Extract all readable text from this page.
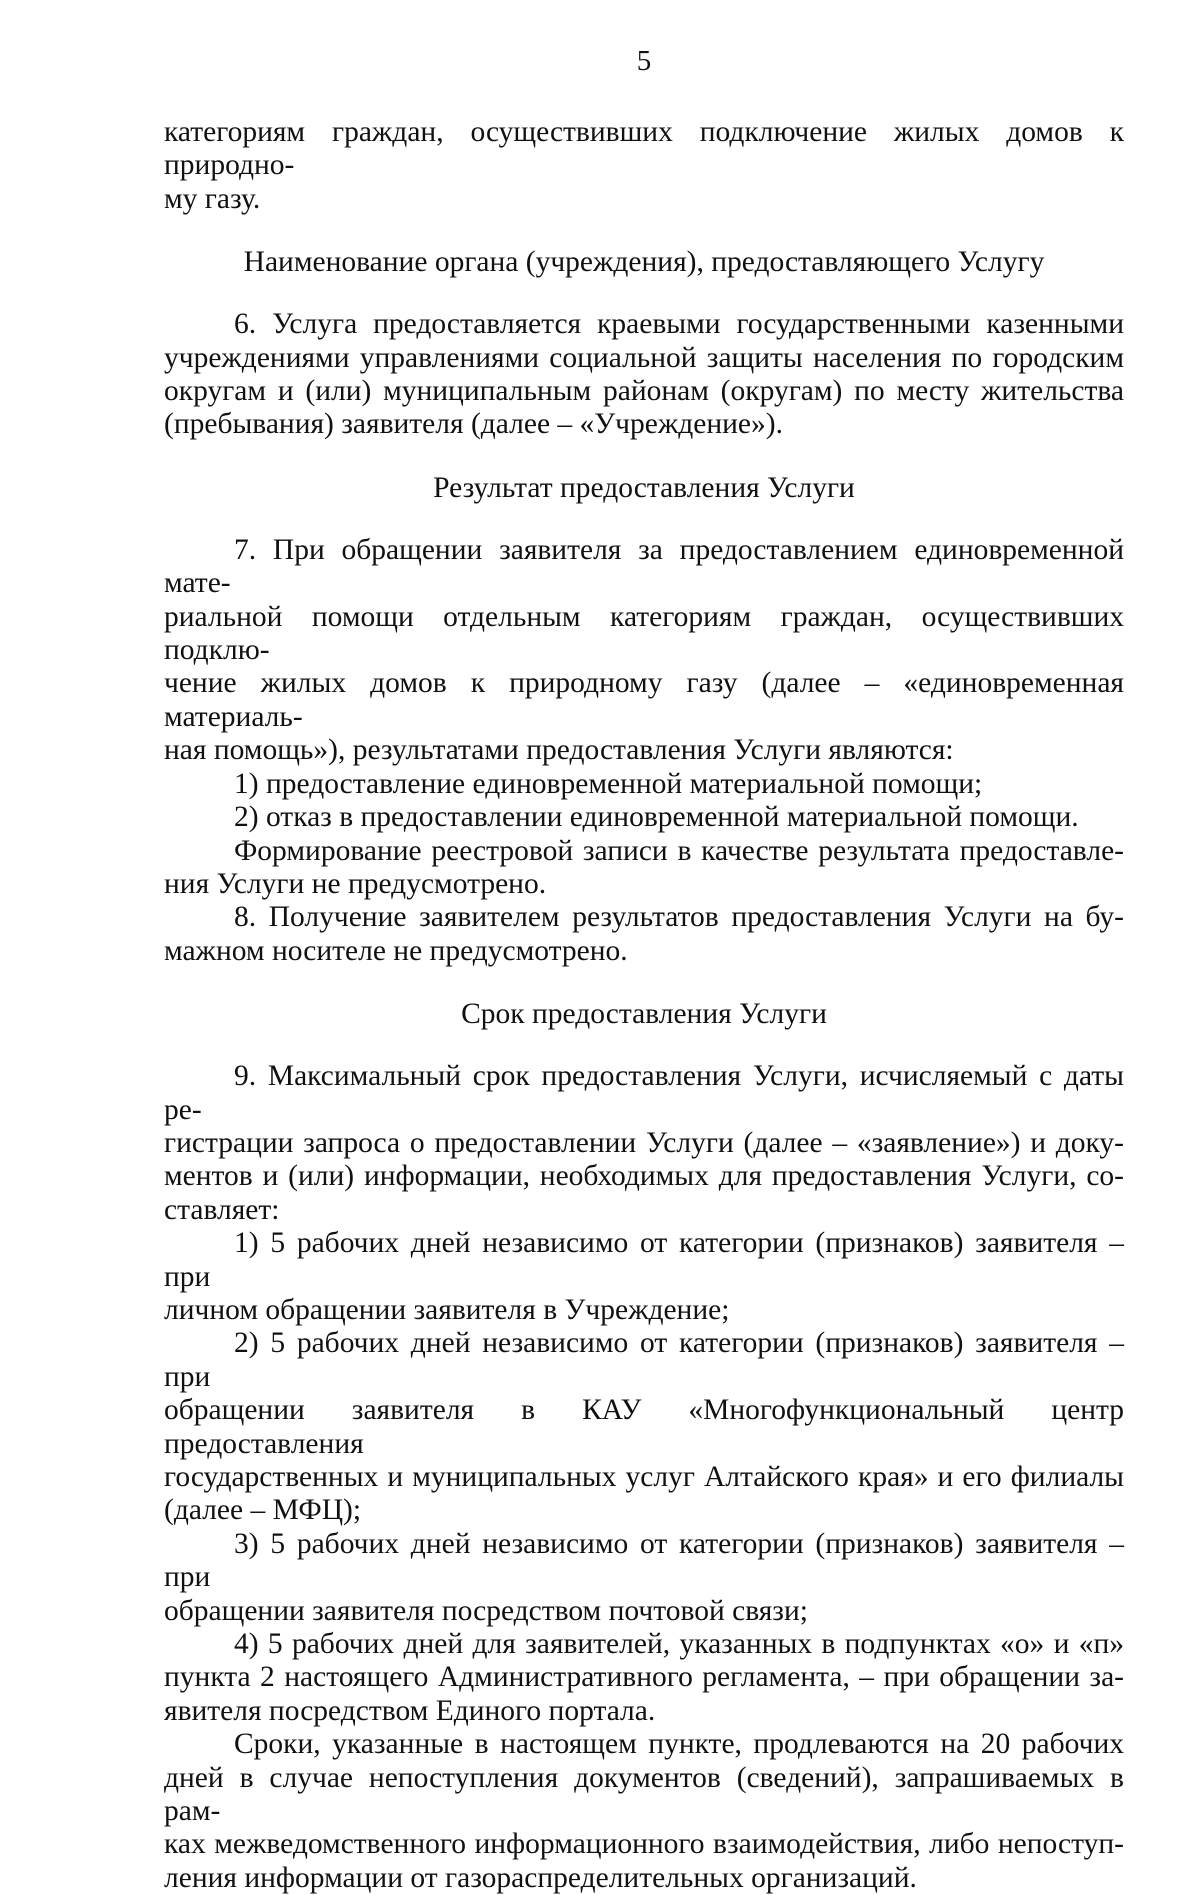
5

категориям граждан, осуществивших подключение жилых домов к природно-

му газу.

Наименование органа (учреждения), предоставляющего Услугу

6. Услуга предоставляется краевыми государственными казенными

учреждениями управлениями социальной защиты населения по городским

округам и (или) муниципальным районам (округам) по месту жительства

(пребывания) заявителя (далее – «Учреждение»).

Результат предоставления Услуги

7. При обращении заявителя за предоставлением единовременной мате-

риальной помощи отдельным категориям граждан, осуществивших подклю-

чение жилых домов к природному газу (далее – «единовременная материаль-

ная помощь»), результатами предоставления Услуги являются:

1) предоставление единовременной материальной помощи;

2) отказ в предоставлении единовременной материальной помощи.

Формирование реестровой записи в качестве результата предоставле-

ния Услуги не предусмотрено.

8. Получение заявителем результатов предоставления Услуги на бу-

мажном носителе не предусмотрено.

Срок предоставления Услуги

9. Максимальный срок предоставления Услуги, исчисляемый с даты ре-

гистрации запроса о предоставлении Услуги (далее – «заявление») и доку-

ментов и (или) информации, необходимых для предоставления Услуги, со-

ставляет:

1) 5 рабочих дней независимо от категории (признаков) заявителя – при

личном обращении заявителя в Учреждение;

2) 5 рабочих дней независимо от категории (признаков) заявителя – при

обращении заявителя в КАУ «Многофункциональный центр предоставления

государственных и муниципальных услуг Алтайского края» и его филиалы

(далее – МФЦ);

3) 5 рабочих дней независимо от категории (признаков) заявителя – при

обращении заявителя посредством почтовой связи;

4) 5 рабочих дней для заявителей, указанных в подпунктах «о» и «п»

пункта 2 настоящего Административного регламента, – при обращении за-

явителя посредством Единого портала.

Сроки, указанные в настоящем пункте, продлеваются на 20 рабочих

дней в случае непоступления документов (сведений), запрашиваемых в рам-

ках межведомственного информационного взаимодействия, либо непоступ-

ления информации от газораспределительных организаций.
